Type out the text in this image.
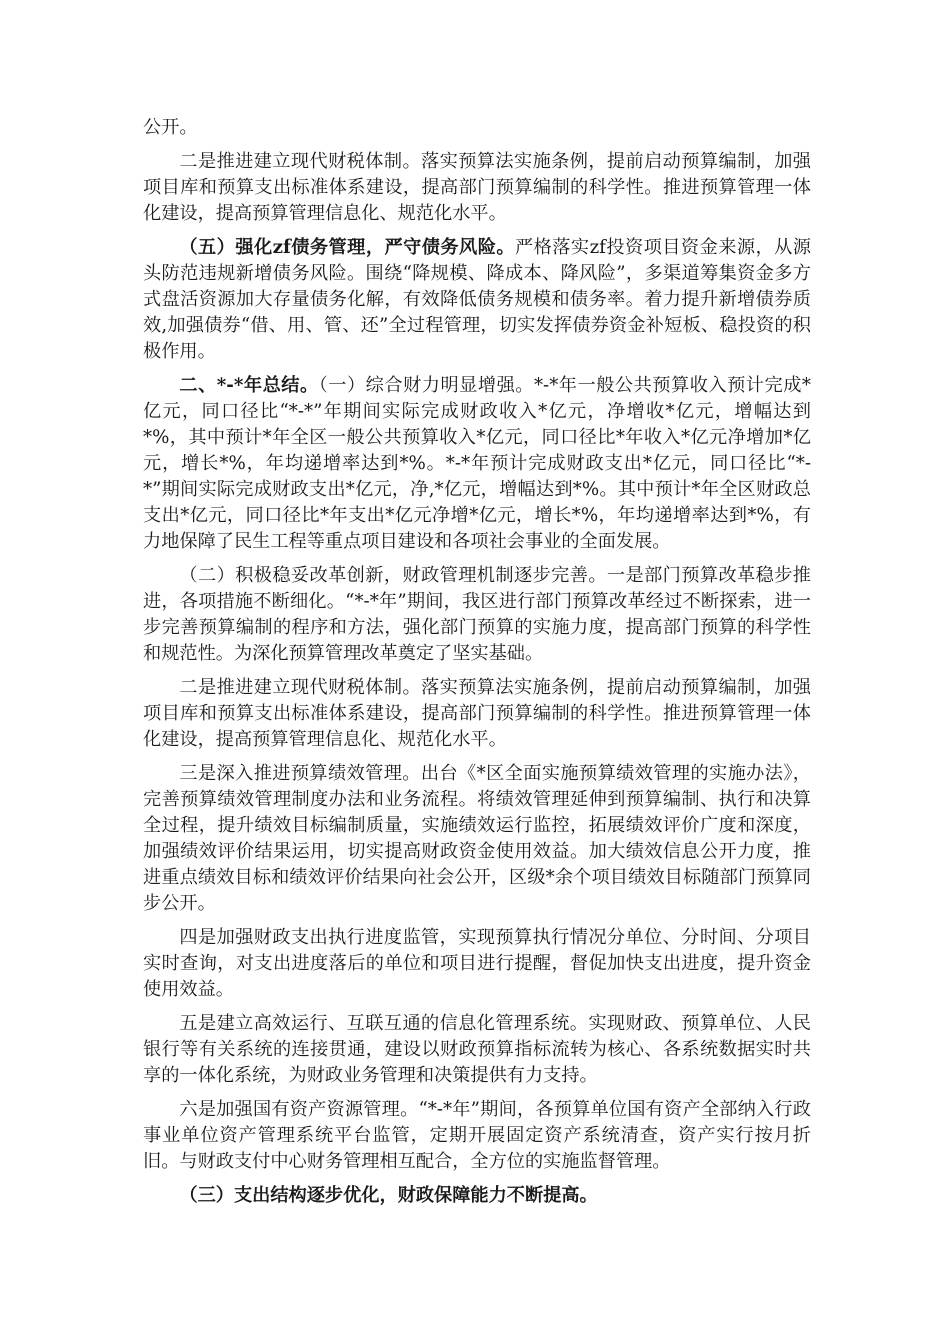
公开。

二是推进建立现代财税体制。落实预算法实施条例，提前启动预算编制，加强项目库和预算支出标准体系建设，提高部门预算编制的科学性。推进预算管理一体化建设，提高预算管理信息化、规范化水平。

（五）强化zf债务管理，严守债务风险。严格落实zf投资项目资金来源，从源头防范违规新增债务风险。围绕“降规模、降成本、降风险”，多渠道筹集资金多方式盘活资源加大存量债务化解，有效降低债务规模和债务率。着力提升新增债券质效,加强债券“借、用、管、还”全过程管理，切实发挥债券资金补短板、稳投资的积极作用。

二、*-*年总结。（一）综合财力明显增强。*-*年一般公共预算收入预计完成*亿元，同口径比“*-*”年期间实际完成财政收入*亿元，净增收*亿元，增幅达到*%，其中预计*年全区一般公共预算收入*亿元，同口径比*年收入*亿元净增加*亿元，增长*%，年均递增率达到*%。*-*年预计完成财政支出*亿元，同口径比“*-*”期间实际完成财政支出*亿元，净,*亿元，增幅达到*%。其中预计*年全区财政总支出*亿元，同口径比*年支出*亿元净增*亿元，增长*%，年均递增率达到*%，有力地保障了民生工程等重点项目建设和各项社会事业的全面发展。

（二）积极稳妥改革创新，财政管理机制逐步完善。一是部门预算改革稳步推进，各项措施不断细化。“*-*年”期间，我区进行部门预算改革经过不断探索，进一步完善预算编制的程序和方法，强化部门预算的实施力度，提高部门预算的科学性和规范性。为深化预算管理改革奠定了坚实基础。

二是推进建立现代财税体制。落实预算法实施条例，提前启动预算编制，加强项目库和预算支出标准体系建设，提高部门预算编制的科学性。推进预算管理一体化建设，提高预算管理信息化、规范化水平。

三是深入推进预算绩效管理。出台《*区全面实施预算绩效管理的实施办法》，完善预算绩效管理制度办法和业务流程。将绩效管理延伸到预算编制、执行和决算全过程，提升绩效目标编制质量，实施绩效运行监控，拓展绩效评价广度和深度，加强绩效评价结果运用，切实提高财政资金使用效益。加大绩效信息公开力度，推进重点绩效目标和绩效评价结果向社会公开，区级*余个项目绩效目标随部门预算同步公开。

四是加强财政支出执行进度监管，实现预算执行情况分单位、分时间、分项目实时查询，对支出进度落后的单位和项目进行提醒，督促加快支出进度，提升资金使用效益。

五是建立高效运行、互联互通的信息化管理系统。实现财政、预算单位、人民银行等有关系统的连接贯通，建设以财政预算指标流转为核心、各系统数据实时共享的一体化系统，为财政业务管理和决策提供有力支持。

六是加强国有资产资源管理。“*-*年”期间，各预算单位国有资产全部纳入行政事业单位资产管理系统平台监管，定期开展固定资产系统清查，资产实行按月折旧。与财政支付中心财务管理相互配合，全方位的实施监督管理。

（三）支出结构逐步优化，财政保障能力不断提高。
